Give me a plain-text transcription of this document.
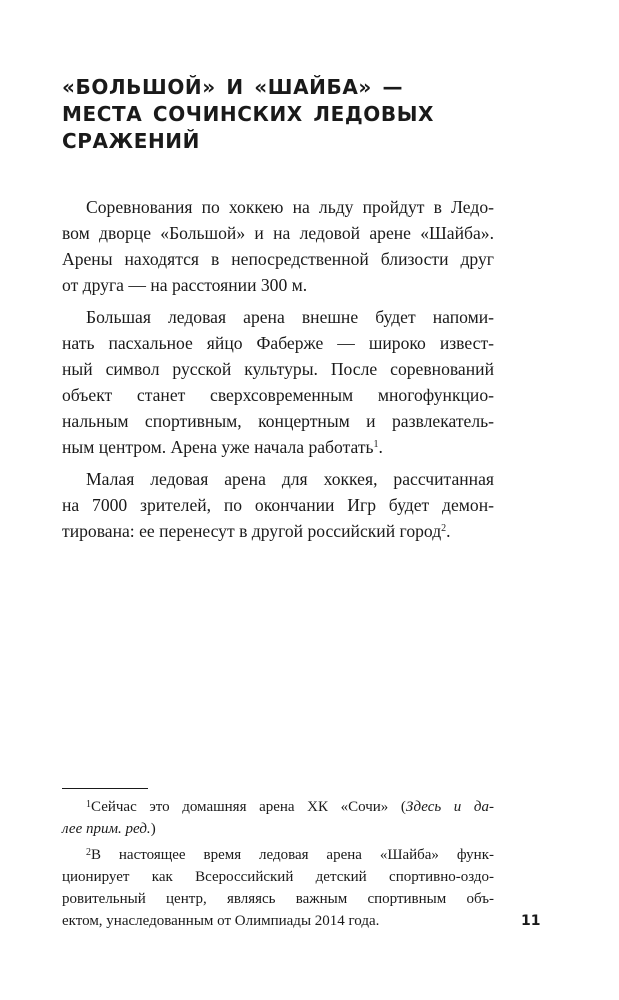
«БОЛЬШОЙ» И «ШАЙБА» —
МЕСТА СОЧИНСКИХ ЛЕДОВЫХ
СРАЖЕНИЙ
Соревнования по хоккею на льду пройдут в Ледо-
вом дворце «Большой» и на ледовой арене «Шайба».
Арены находятся в непосредственной близости друг
от друга — на расстоянии 300 м.
Большая ледовая арена внешне будет напоми-
нать пасхальное яйцо Фаберже — широко извест-
ный символ русской культуры. После соревнований
объект станет сверхсовременным многофункцио-
нальным спортивным, концертным и развлекатель-
ным центром. Арена уже начала работать$^1$.
Малая ледовая арена для хоккея, рассчитанная
на 7000 зрителей, по окончании Игр будет демон-
тирована: ее перенесут в другой российский город$^2$.
$^1$Сейчас это домашняя арена ХК «Сочи» (Здесь и да-
лее прим. ред.)
$^2$В настоящее время ледовая арена «Шайба» функ-
ционирует как Всероссийский детский спортивно-оздо-
ровительный центр, являясь важным спортивным объ-
ектом, унаследованным от Олимпиады 2014 года.	11
